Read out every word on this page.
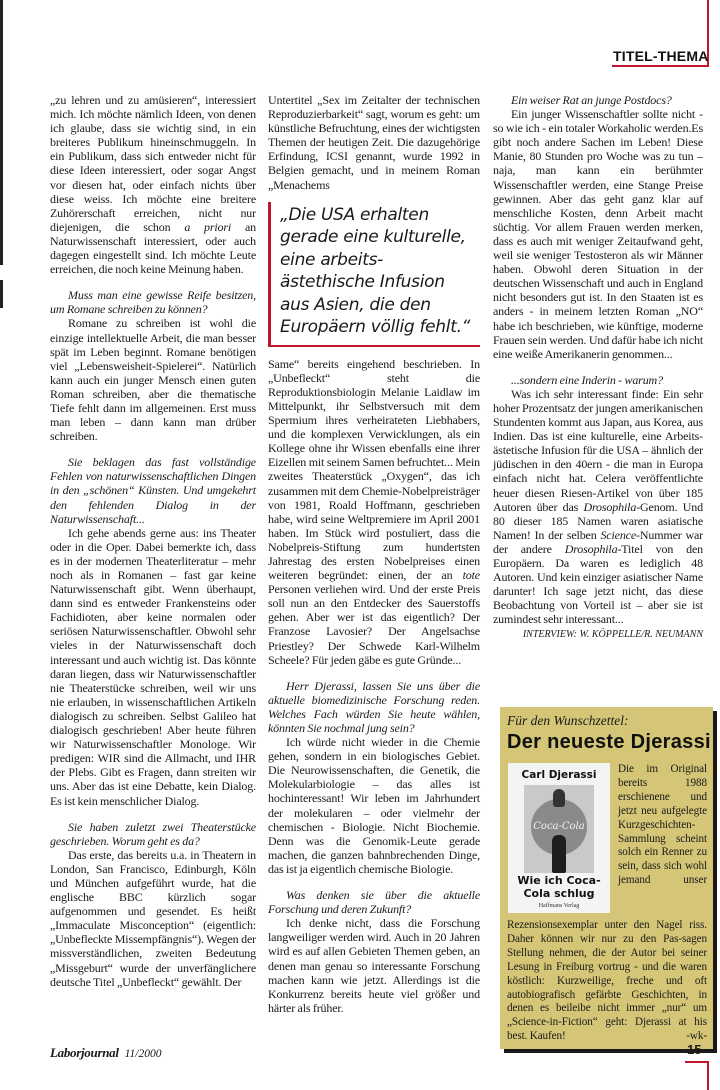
TITEL-THEMA

„zu lehren und zu amüsieren“, interessiert mich. Ich möchte nämlich Ideen, von denen ich glaube, dass sie wichtig sind, in ein breiteres Publikum hineinschmuggeln. In ein Publikum, dass sich entweder nicht für diese Ideen interessiert, oder sogar Angst vor diesen hat, oder einfach nichts über diese weiss. Ich möchte eine breitere Zuhörerschaft erreichen, nicht nur diejenigen, die schon a priori an Naturwissenschaft interessiert, oder auch dagegen eingestellt sind. Ich möchte Leute erreichen, die noch keine Meinung haben.

Muss man eine gewisse Reife besitzen, um Romane schreiben zu können?

Romane zu schreiben ist wohl die einzige intellektuelle Arbeit, die man besser spät im Leben beginnt. Romane benötigen viel „Lebensweisheit-Spielerei“. Natürlich kann auch ein junger Mensch einen guten Roman schreiben, aber die thematische Tiefe fehlt dann im allgemeinen. Erst muss man leben – dann kann man drüber schreiben.

Sie beklagen das fast vollständige Fehlen von naturwissenschaftlichen Dingen in den „schönen“ Künsten. Und umgekehrt den fehlenden Dialog in der Naturwissenschaft...

Ich gehe abends gerne aus: ins Theater oder in die Oper. Dabei bemerkte ich, dass es in der modernen Theaterliteratur – mehr noch als in Romanen – fast gar keine Naturwissenschaft gibt. Wenn überhaupt, dann sind es entweder Frankensteins oder Fachidioten, aber keine normalen oder seriösen Naturwissenschaftler. Obwohl sehr vieles in der Naturwissenschaft doch interessant und auch wichtig ist. Das könnte daran liegen, dass wir Naturwissenschaftler nie Theaterstücke schreiben, weil wir uns nie erlauben, in wissenschaftlichen Artikeln dialogisch zu schreiben. Selbst Galileo hat dialogisch geschrieben! Aber heute führen wir Naturwissenschaftler Monologe. Wir predigen: WIR sind die Allmacht, und IHR der Plebs. Gibt es Fragen, dann streiten wir uns. Aber das ist eine Debatte, kein Dialog. Es ist kein menschlicher Dialog.

Sie haben zuletzt zwei Theaterstücke geschrieben. Worum geht es da?

Das erste, das bereits u.a. in Theatern in London, San Francisco, Edinburgh, Köln und München aufgeführt wurde, hat die englische BBC kürzlich sogar aufgenommen und gesendet. Es heißt „Immaculate Misconception“ (eigentlich: „Unbefleckte Missempfängnis“). Wegen der missverständlichen, zweiten Bedeutung „Missgeburt“ wurde der unverfänglichere deutsche Titel „Unbefleckt“ gewählt. Der

Untertitel „Sex im Zeitalter der technischen Reproduzierbarkeit“ sagt, worum es geht: um künstliche Befruchtung, eines der wichtigsten Themen der heutigen Zeit. Die dazugehörige Erfindung, ICSI genannt, wurde 1992 in Belgien gemacht, und in meinem Roman „Menachems

„Die USA erhalten gerade eine kulturelle, eine arbeits-ästethische Infusion aus Asien, die den Europäern völlig fehlt.“

Same“ bereits eingehend beschrieben. In „Unbefleckt“ steht die Reproduktionsbiologin Melanie Laidlaw im Mittelpunkt, ihr Selbstversuch mit dem Spermium ihres verheirateten Liebhabers, und die komplexen Verwicklungen, als ein Kollege ohne ihr Wissen ebenfalls eine ihrer Eizellen mit seinem Samen befruchtet... Mein zweites Theaterstück „Oxygen“, das ich zusammen mit dem Chemie-Nobelpreisträger von 1981, Roald Hoffmann, geschrieben habe, wird seine Weltpremiere im April 2001 haben. Im Stück wird postuliert, dass die Nobelpreis-Stiftung zum hundertsten Jahrestag des ersten Nobelpreises einen weiteren begründet: einen, der an tote Personen verliehen wird. Und der erste Preis soll nun an den Entdecker des Sauerstoffs gehen. Aber wer ist das eigentlich? Der Franzose Lavosier? Der Angelsachse Priestley? Der Schwede Karl-Wilhelm Scheele? Für jeden gäbe es gute Gründe...

Herr Djerassi, lassen Sie uns über die aktuelle biomedizinische Forschung reden. Welches Fach würden Sie heute wählen, könnten Sie nochmal jung sein?

Ich würde nicht wieder in die Chemie gehen, sondern in ein biologisches Gebiet. Die Neurowissenschaften, die Genetik, die Molekularbiologie – das alles ist hochinteressant! Wir leben im Jahrhundert der molekularen – oder vielmehr der chemischen - Biologie. Nicht Biochemie. Denn was die Genomik-Leute gerade machen, die ganzen bahnbrechenden Dinge, das ist ja eigentlich chemische Biologie.

Was denken sie über die aktuelle Forschung und deren Zukunft?

Ich denke nicht, dass die Forschung langweiliger werden wird. Auch in 20 Jahren wird es auf allen Gebieten Themen geben, an denen man genau so interessante Forschung machen kann wie jetzt. Allerdings ist die Konkurrenz bereits heute viel größer und härter als früher.

Ein weiser Rat an junge Postdocs?

Ein junger Wissenschaftler sollte nicht - so wie ich - ein totaler Workaholic werden.Es gibt noch andere Sachen im Leben! Diese Manie, 80 Stunden pro Woche was zu tun – naja, man kann ein berühmter Wissenschaftler werden, eine Stange Preise gewinnen. Aber das geht ganz klar auf menschliche Kosten, denn Arbeit macht süchtig. Vor allem Frauen werden merken, dass es auch mit weniger Zeitaufwand geht, weil sie weniger Testosteron als wir Männer haben. Obwohl deren Situation in der deutschen Wissenschaft und auch in England nicht besonders gut ist. In den Staaten ist es anders - in meinem letzten Roman „NO“ habe ich beschrieben, wie künftige, moderne Frauen sein werden. Und dafür habe ich nicht eine weiße Amerikanerin genommen...

...sondern eine Inderin - warum?

Was ich sehr interessant finde: Ein sehr hoher Prozentsatz der jungen amerikanischen Stundenten kommt aus Japan, aus Korea, aus Indien. Das ist eine kulturelle, eine Arbeits-ästetische Infusion für die USA – ähnlich der jüdischen in den 40ern - die man in Europa einfach nicht hat. Celera veröffentlichte heuer diesen Riesen-Artikel von über 185 Autoren über das Drosophila-Genom. Und 80 dieser 185 Namen waren asiatische Namen! In der selben Science-Nummer war der andere Drosophila-Titel von den Europäern. Da waren es lediglich 48 Autoren. Und kein einziger asiatischer Name darunter! Ich sage jetzt nicht, das diese Beobachtung von Vorteil ist – aber sie ist zumindest sehr interessant...

INTERVIEW: W. KÖPPELLE/R. NEUMANN
Für den Wunschzettel:
Der neueste Djerassi
Carl Djerassi
Coca-Cola
Wie ich Coca-Cola schlug
Haffmans Verlag
Die im Original bereits 1988 erschienene und jetzt neu aufgelegte Kurzgeschichten-Sammlung scheint solch ein Renner zu sein, dass sich wohl jemand unser Rezensionsexemplar unter den Nagel riss. Daher können wir nur zu den Pas-sagen Stellung nehmen, die der Autor bei seiner Lesung in Freiburg vortrug - und die waren köstlich: Kurzweilige, freche und oft autobiografisch gefärbte Geschichten, in denen es beileibe nicht immer „nur“ um „Science-in-Fiction“ geht: Djerassi at his best. Kaufen!	-wk-
Laborjournal 11/2000	15
